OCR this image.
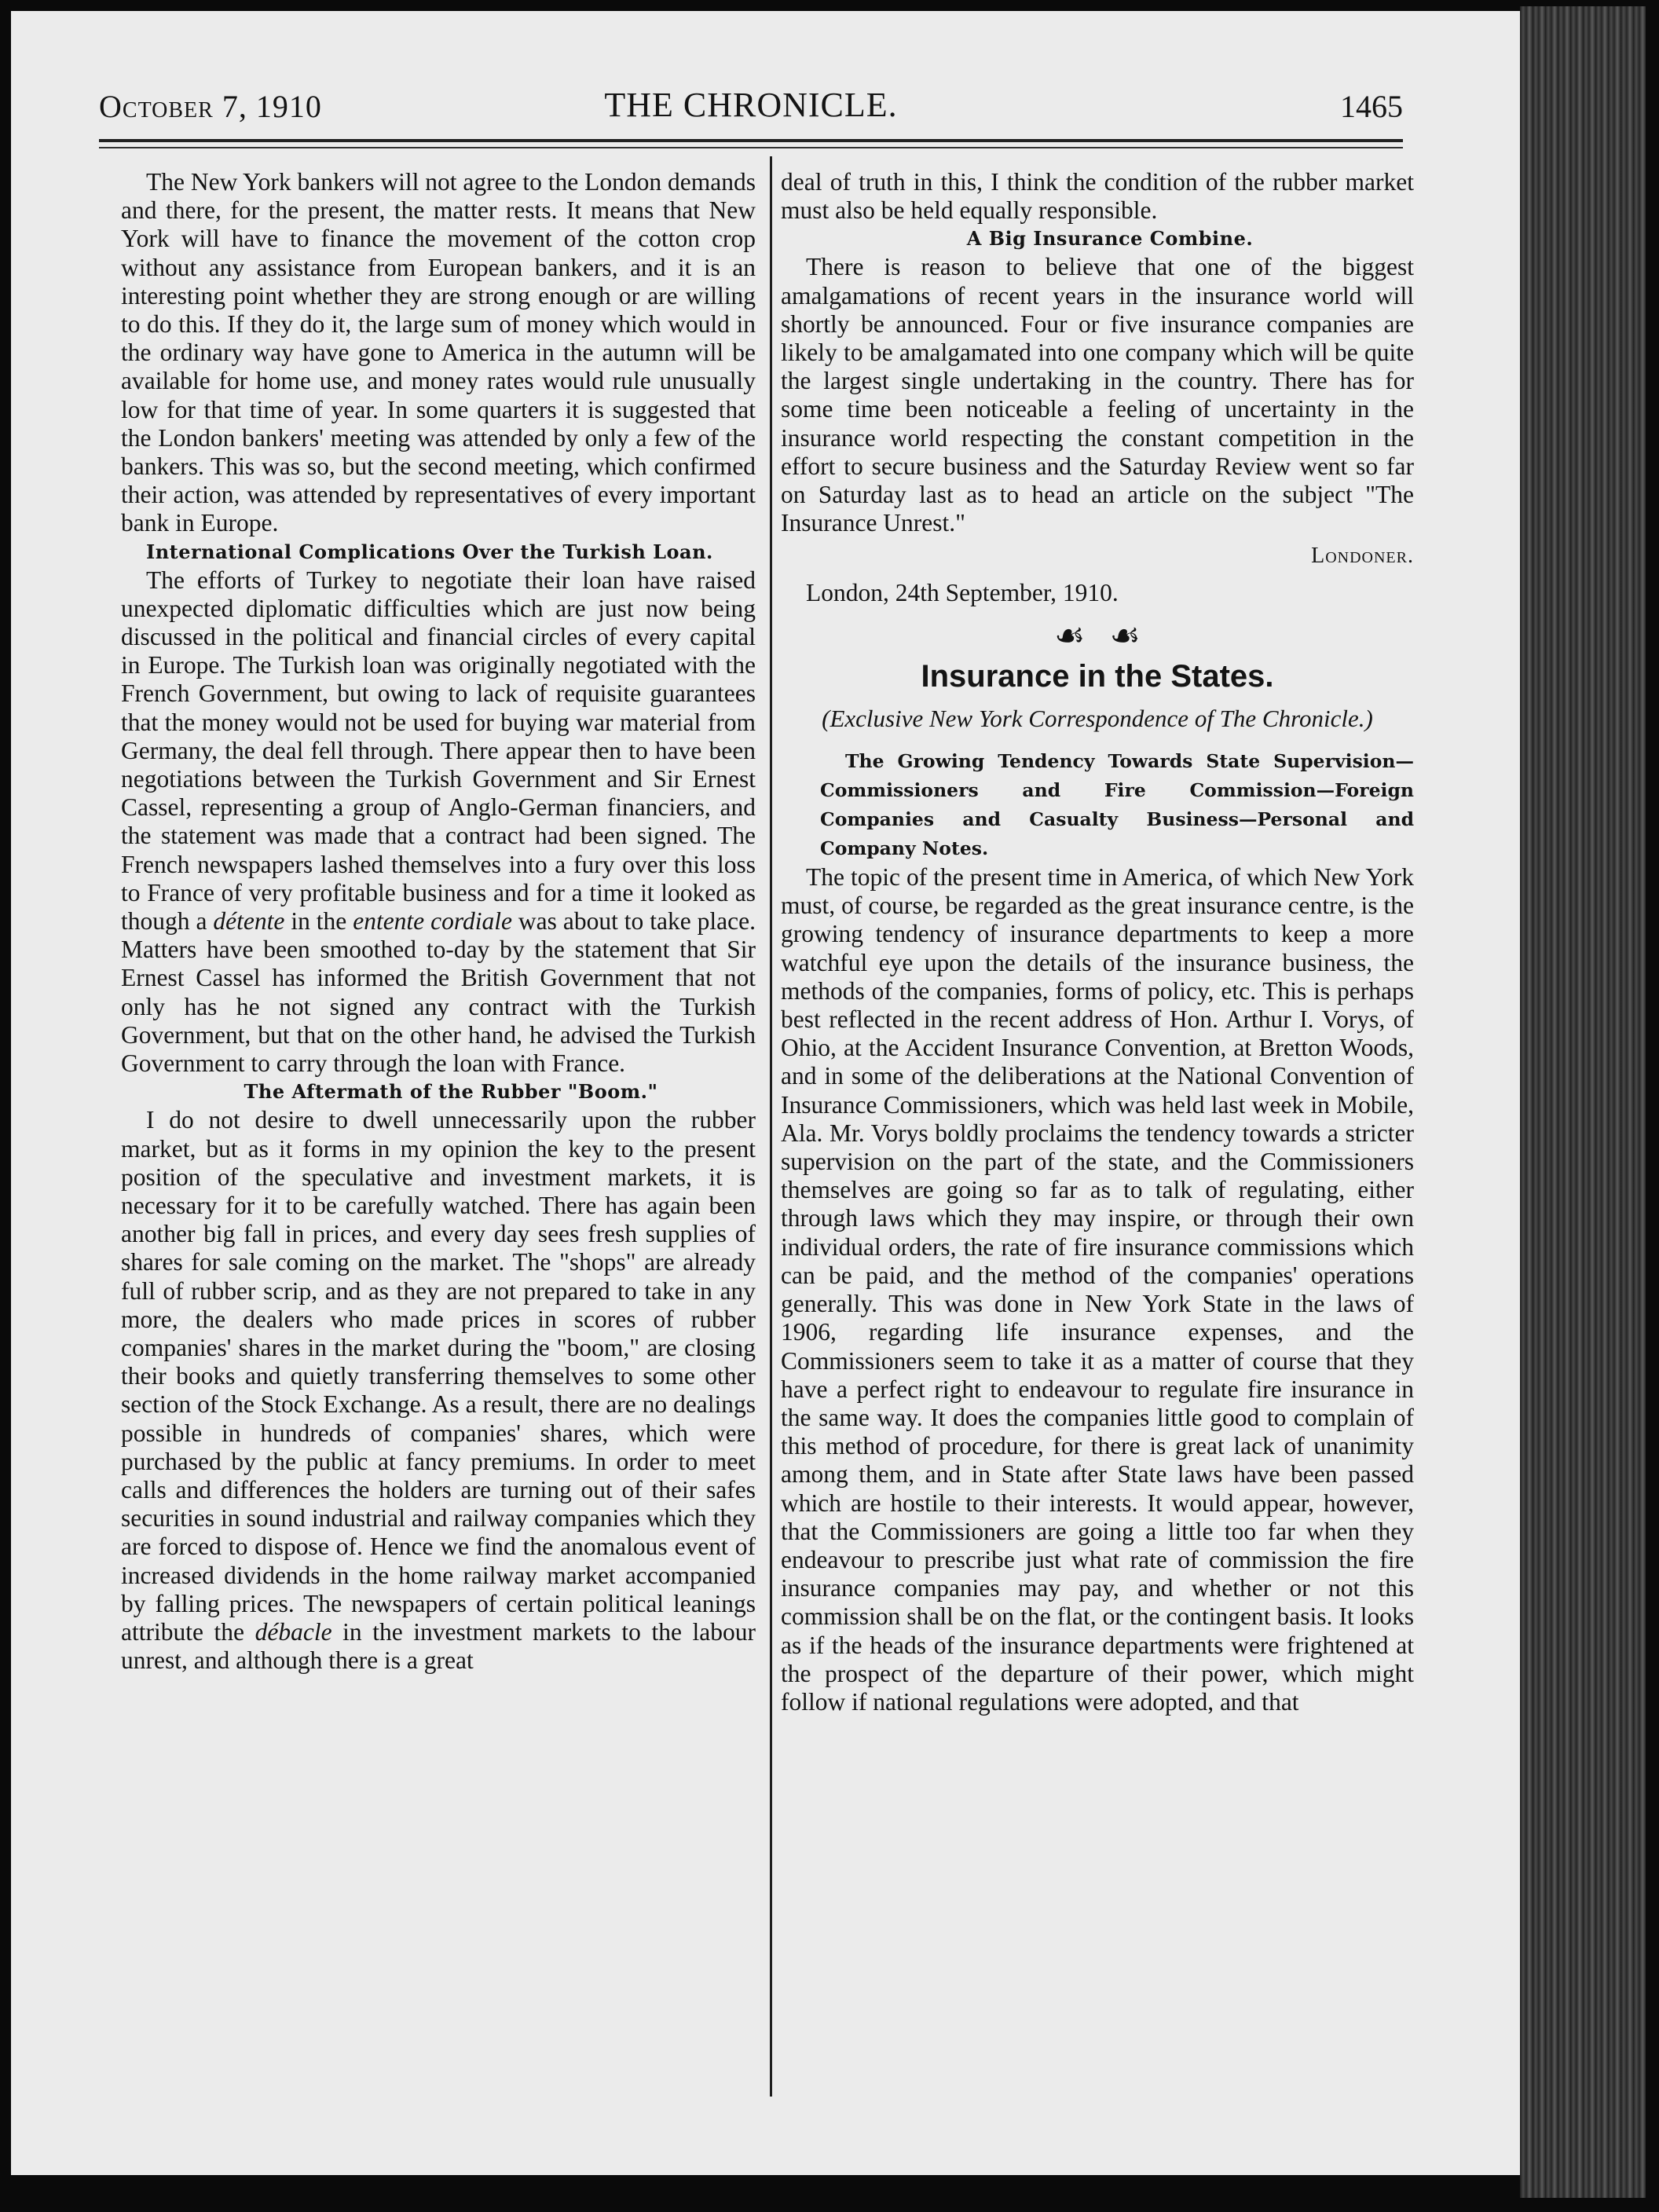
October 7, 1910	THE CHRONICLE.	1465

The New York bankers will not agree to the London demands and there, for the present, the matter rests. It means that New York will have to finance the movement of the cotton crop without any assistance from European bankers, and it is an interesting point whether they are strong enough or are willing to do this. If they do it, the large sum of money which would in the ordinary way have gone to America in the autumn will be available for home use, and money rates would rule unusually low for that time of year. In some quarters it is suggested that the London bankers' meeting was attended by only a few of the bankers. This was so, but the second meeting, which confirmed their action, was attended by representatives of every important bank in Europe.

International Complications Over the Turkish Loan.

The efforts of Turkey to negotiate their loan have raised unexpected diplomatic difficulties which are just now being discussed in the political and financial circles of every capital in Europe. The Turkish loan was originally negotiated with the French Government, but owing to lack of requisite guarantees that the money would not be used for buying war material from Germany, the deal fell through. There appear then to have been negotiations between the Turkish Government and Sir Ernest Cassel, representing a group of Anglo-German financiers, and the statement was made that a contract had been signed. The French newspapers lashed themselves into a fury over this loss to France of very profitable business and for a time it looked as though a détente in the entente cordiale was about to take place. Matters have been smoothed to-day by the statement that Sir Ernest Cassel has informed the British Government that not only has he not signed any contract with the Turkish Government, but that on the other hand, he advised the Turkish Government to carry through the loan with France.

The Aftermath of the Rubber "Boom."

I do not desire to dwell unnecessarily upon the rubber market, but as it forms in my opinion the key to the present position of the speculative and investment markets, it is necessary for it to be carefully watched. There has again been another big fall in prices, and every day sees fresh supplies of shares for sale coming on the market. The "shops" are already full of rubber scrip, and as they are not prepared to take in any more, the dealers who made prices in scores of rubber companies' shares in the market during the "boom," are closing their books and quietly transferring themselves to some other section of the Stock Exchange. As a result, there are no dealings possible in hundreds of companies' shares, which were purchased by the public at fancy premiums. In order to meet calls and differences the holders are turning out of their safes securities in sound industrial and railway companies which they are forced to dispose of. Hence we find the anomalous event of increased dividends in the home railway market accompanied by falling prices. The newspapers of certain political leanings attribute the débacle in the investment markets to the labour unrest, and although there is a great

deal of truth in this, I think the condition of the rubber market must also be held equally responsible.

A Big Insurance Combine.

There is reason to believe that one of the biggest amalgamations of recent years in the insurance world will shortly be announced. Four or five insurance companies are likely to be amalgamated into one company which will be quite the largest single undertaking in the country. There has for some time been noticeable a feeling of uncertainty in the insurance world respecting the constant competition in the effort to secure business and the Saturday Review went so far on Saturday last as to head an article on the subject "The Insurance Unrest."

Londoner.

London, 24th September, 1910.

☙ ☙
Insurance in the States.
(Exclusive New York Correspondence of The Chronicle.)

The Growing Tendency Towards State Supervision—Commissioners and Fire Commission—Foreign Companies and Casualty Business—Personal and Company Notes.

The topic of the present time in America, of which New York must, of course, be regarded as the great insurance centre, is the growing tendency of insurance departments to keep a more watchful eye upon the details of the insurance business, the methods of the companies, forms of policy, etc. This is perhaps best reflected in the recent address of Hon. Arthur I. Vorys, of Ohio, at the Accident Insurance Convention, at Bretton Woods, and in some of the deliberations at the National Convention of Insurance Commissioners, which was held last week in Mobile, Ala. Mr. Vorys boldly proclaims the tendency towards a stricter supervision on the part of the state, and the Commissioners themselves are going so far as to talk of regulating, either through laws which they may inspire, or through their own individual orders, the rate of fire insurance commissions which can be paid, and the method of the companies' operations generally. This was done in New York State in the laws of 1906, regarding life insurance expenses, and the Commissioners seem to take it as a matter of course that they have a perfect right to endeavour to regulate fire insurance in the same way. It does the companies little good to complain of this method of procedure, for there is great lack of unanimity among them, and in State after State laws have been passed which are hostile to their interests. It would appear, however, that the Commissioners are going a little too far when they endeavour to prescribe just what rate of commission the fire insurance companies may pay, and whether or not this commission shall be on the flat, or the contingent basis. It looks as if the heads of the insurance departments were frightened at the prospect of the departure of their power, which might follow if national regulations were adopted, and that
